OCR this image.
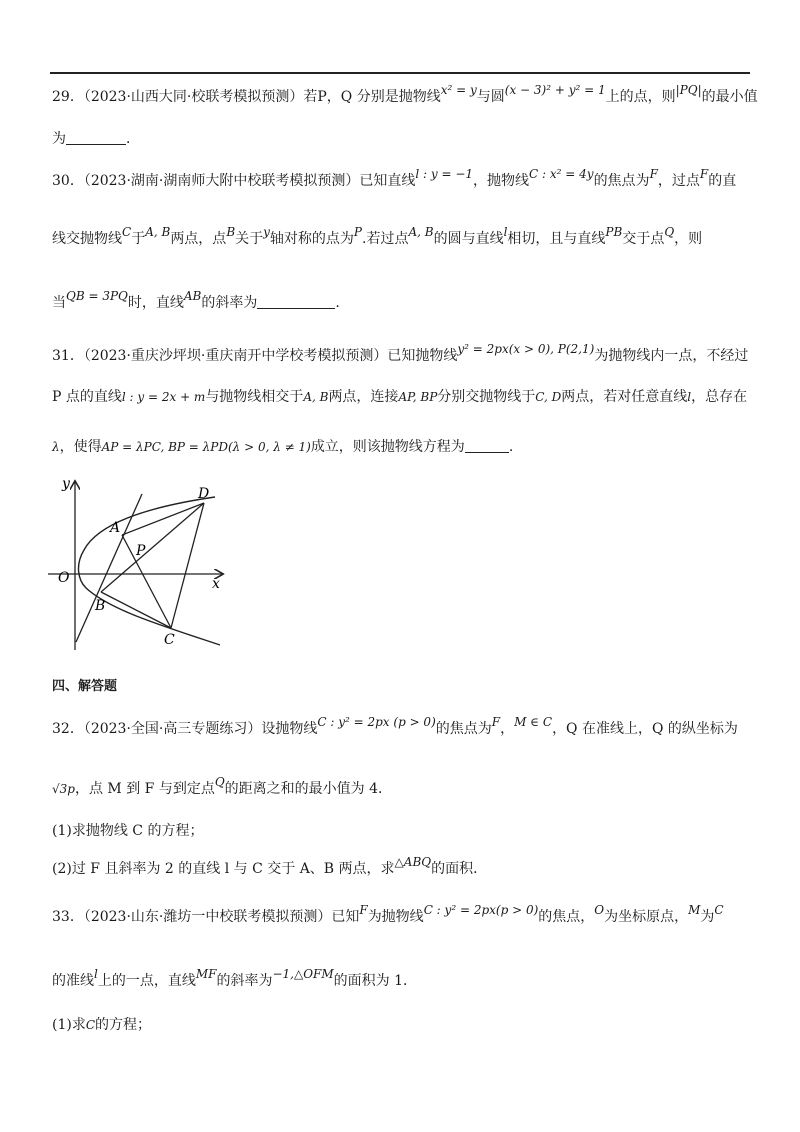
29．（2023·山西大同·校联考模拟预测）若P，Q 分别是抛物线x² = y与圆(x − 3)² + y² = 1上的点，则|PQ|的最小值
为	．
30．（2023·湖南·湖南师大附中校联考模拟预测）已知直线l : y = −1，抛物线C : x² = 4y的焦点为F，过点F的直
线交抛物线C于A, B两点，点B关于y轴对称的点为P.若过点A, B的圆与直线l相切，且与直线PB交于点Q，则
当QB = 3PQ时，直线AB的斜率为	.
31．（2023·重庆沙坪坝·重庆南开中学校考模拟预测）已知抛物线y² = 2px(x > 0), P(2,1)为抛物线内一点，不经过
P 点的直线l : y = 2x + m与抛物线相交于A, B两点，连接AP, BP分别交抛物线于C, D两点，若对任意直线l，总存在
λ，使得AP = λPC, BP = λPD(λ > 0, λ ≠ 1)成立，则该抛物线方程为	.
y
x
O
A
B
C
D
P
四、解答题
32．（2023·全国·高三专题练习）设抛物线C : y² = 2px (p > 0)的焦点为F，M ∈ C，Q 在准线上，Q 的纵坐标为
√3p，点 M 到 F 与到定点Q的距离之和的最小值为 4．
(1)求抛物线 C 的方程；
(2)过 F 且斜率为 2 的直线 l 与 C 交于 A、B 两点，求△ABQ的面积．
33．（2023·山东·潍坊一中校联考模拟预测）已知F为抛物线C : y² = 2px(p > 0)的焦点，O为坐标原点，M为C
的准线l上的一点，直线MF的斜率为−1,△OFM的面积为 1．
(1)求C的方程；
